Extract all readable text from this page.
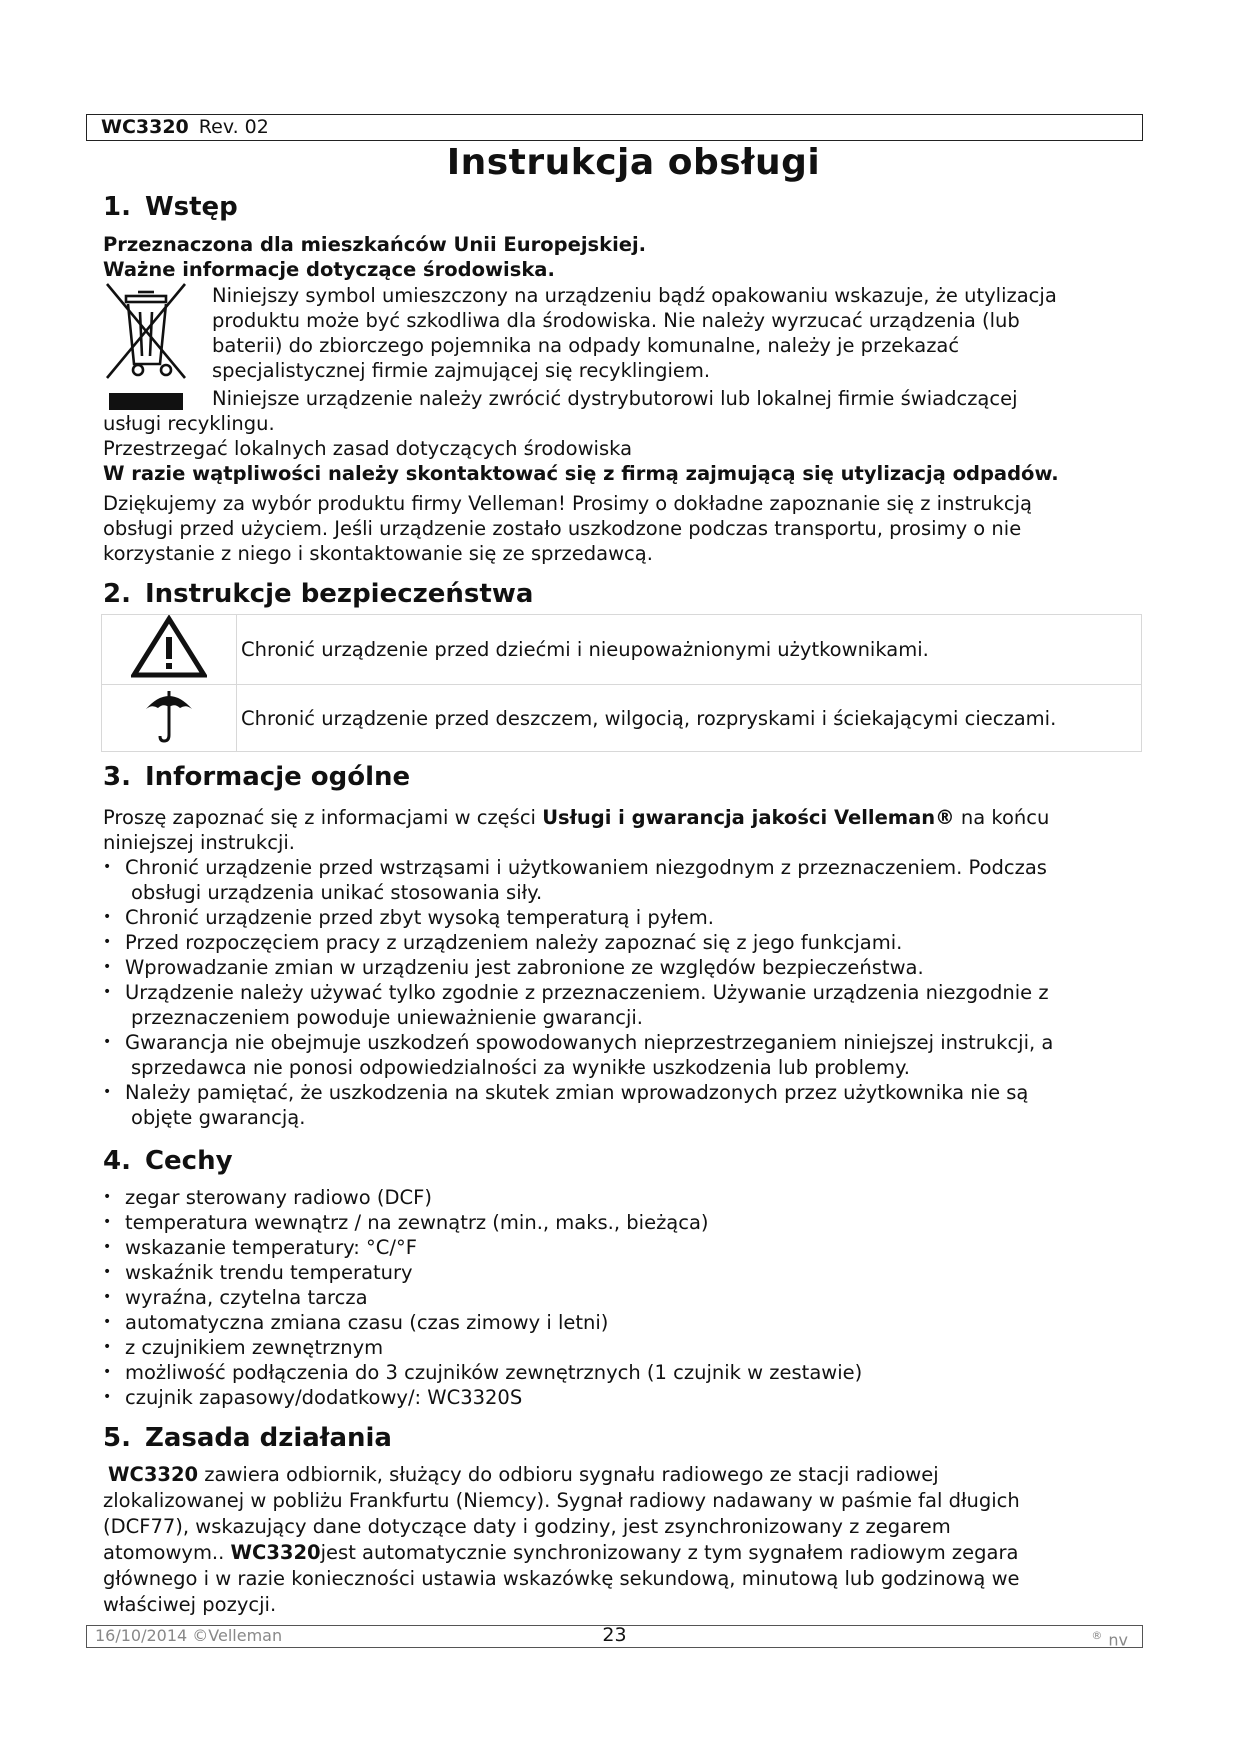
WC3320 Rev. 02
Instrukcja obsługi
1. Wstęp
Przeznaczona dla mieszkańców Unii Europejskiej.
Ważne informacje dotyczące środowiska.
Niniejszy symbol umieszczony na urządzeniu bądź opakowaniu wskazuje, że utylizacja
produktu może być szkodliwa dla środowiska. Nie należy wyrzucać urządzenia (lub
baterii) do zbiorczego pojemnika na odpady komunalne, należy je przekazać
specjalistycznej firmie zajmującej się recyklingiem.
Niniejsze urządzenie należy zwrócić dystrybutorowi lub lokalnej firmie świadczącej
usługi recyklingu.
Przestrzegać lokalnych zasad dotyczących środowiska
W razie wątpliwości należy skontaktować się z firmą zajmującą się utylizacją odpadów.
Dziękujemy za wybór produktu firmy Velleman! Prosimy o dokładne zapoznanie się z instrukcją
obsługi przed użyciem. Jeśli urządzenie zostało uszkodzone podczas transportu, prosimy o nie
korzystanie z niego i skontaktowanie się ze sprzedawcą.
2. Instrukcje bezpieczeństwa
	Chronić urządzenie przed dziećmi i nieupoważnionymi użytkownikami.
	Chronić urządzenie przed deszczem, wilgocią, rozpryskami i ściekającymi cieczami.
3. Informacje ogólne
Proszę zapoznać się z informacjami w części Usługi i gwarancja jakości Velleman® na końcu
niniejszej instrukcji.
• Chronić urządzenie przed wstrząsami i użytkowaniem niezgodnym z przeznaczeniem. Podczas
obsługi urządzenia unikać stosowania siły.
• Chronić urządzenie przed zbyt wysoką temperaturą i pyłem.
• Przed rozpoczęciem pracy z urządzeniem należy zapoznać się z jego funkcjami.
• Wprowadzanie zmian w urządzeniu jest zabronione ze względów bezpieczeństwa.
• Urządzenie należy używać tylko zgodnie z przeznaczeniem. Używanie urządzenia niezgodnie z
przeznaczeniem powoduje unieważnienie gwarancji.
• Gwarancja nie obejmuje uszkodzeń spowodowanych nieprzestrzeganiem niniejszej instrukcji, a
sprzedawca nie ponosi odpowiedzialności za wynikłe uszkodzenia lub problemy.
• Należy pamiętać, że uszkodzenia na skutek zmian wprowadzonych przez użytkownika nie są
objęte gwarancją.
4. Cechy
• zegar sterowany radiowo (DCF)
• temperatura wewnątrz / na zewnątrz (min., maks., bieżąca)
• wskazanie temperatury: °C/°F
• wskaźnik trendu temperatury
• wyraźna, czytelna tarcza
• automatyczna zmiana czasu (czas zimowy i letni)
• z czujnikiem zewnętrznym
• możliwość podłączenia do 3 czujników zewnętrznych (1 czujnik w zestawie)
• czujnik zapasowy/dodatkowy/: WC3320S
5. Zasada działania
WC3320 zawiera odbiornik, służący do odbioru sygnału radiowego ze stacji radiowej
zlokalizowanej w pobliżu Frankfurtu (Niemcy). Sygnał radiowy nadawany w paśmie fal długich
(DCF77), wskazujący dane dotyczące daty i godziny, jest zsynchronizowany z zegarem
atomowym.. WC3320jest automatycznie synchronizowany z tym sygnałem radiowym zegara
głównego i w razie konieczności ustawia wskazówkę sekundową, minutową lub godzinową we
właściwej pozycji.
16/10/2014 ©Velleman	23	® nv
